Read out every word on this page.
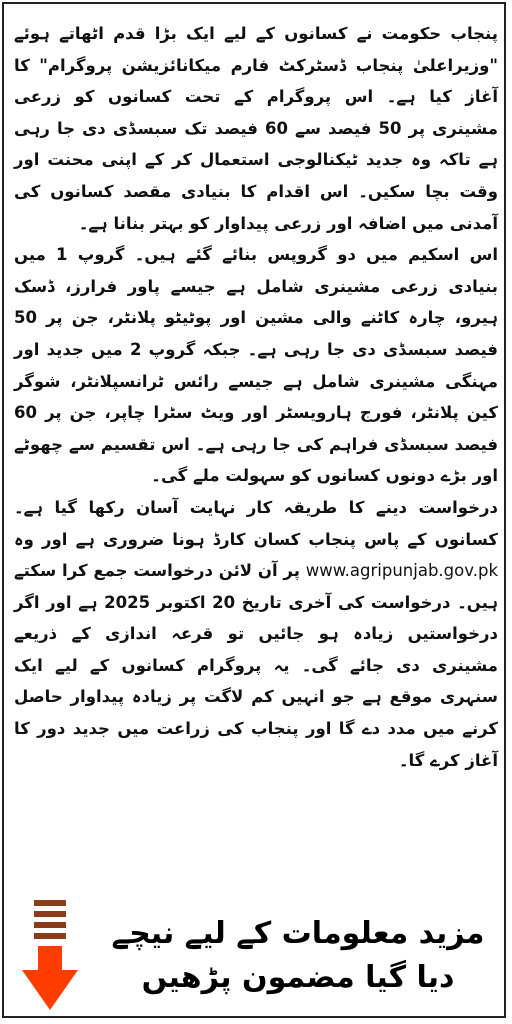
پنجاب حکومت نے کسانوں کے لیے ایک بڑا قدم اٹھاتے ہوئے "وزیراعلیٰ پنجاب ڈسٹرکٹ فارم میکانائزیشن پروگرام" کا آغاز کیا ہے۔ اس پروگرام کے تحت کسانوں کو زرعی مشینری پر 50 فیصد سے 60 فیصد تک سبسڈی دی جا رہی ہے تاکہ وہ جدید ٹیکنالوجی استعمال کر کے اپنی محنت اور وقت بچا سکیں۔ اس اقدام کا بنیادی مقصد کسانوں کی آمدنی میں اضافہ اور زرعی پیداوار کو بہتر بنانا ہے۔

اس اسکیم میں دو گروپس بنائے گئے ہیں۔ گروپ 1 میں بنیادی زرعی مشینری شامل ہے جیسے پاور فرارز، ڈسک ہیرو، چارہ کاٹنے والی مشین اور پوٹیٹو پلانٹر، جن پر 50 فیصد سبسڈی دی جا رہی ہے۔ جبکہ گروپ 2 میں جدید اور مہنگی مشینری شامل ہے جیسے رائس ٹرانسپلانٹر، شوگر کین پلانٹر، فورج ہارویسٹر اور ویٹ سٹرا چاپر، جن پر 60 فیصد سبسڈی فراہم کی جا رہی ہے۔ اس تقسیم سے چھوٹے اور بڑے دونوں کسانوں کو سہولت ملے گی۔

درخواست دینے کا طریقہ کار نہایت آسان رکھا گیا ہے۔ کسانوں کے پاس پنجاب کسان کارڈ ہونا ضروری ہے اور وہ www.agripunjab.gov.pk پر آن لائن درخواست جمع کرا سکتے ہیں۔ درخواست کی آخری تاریخ 20 اکتوبر 2025 ہے اور اگر درخواستیں زیادہ ہو جائیں تو قرعہ اندازی کے ذریعے مشینری دی جائے گی۔ یہ پروگرام کسانوں کے لیے ایک سنہری موقع ہے جو انہیں کم لاگت پر زیادہ پیداوار حاصل کرنے میں مدد دے گا اور پنجاب کی زراعت میں جدید دور کا آغاز کرے گا۔

مزید معلومات کے لیے نیچے
دیا گیا مضمون پڑھیں
